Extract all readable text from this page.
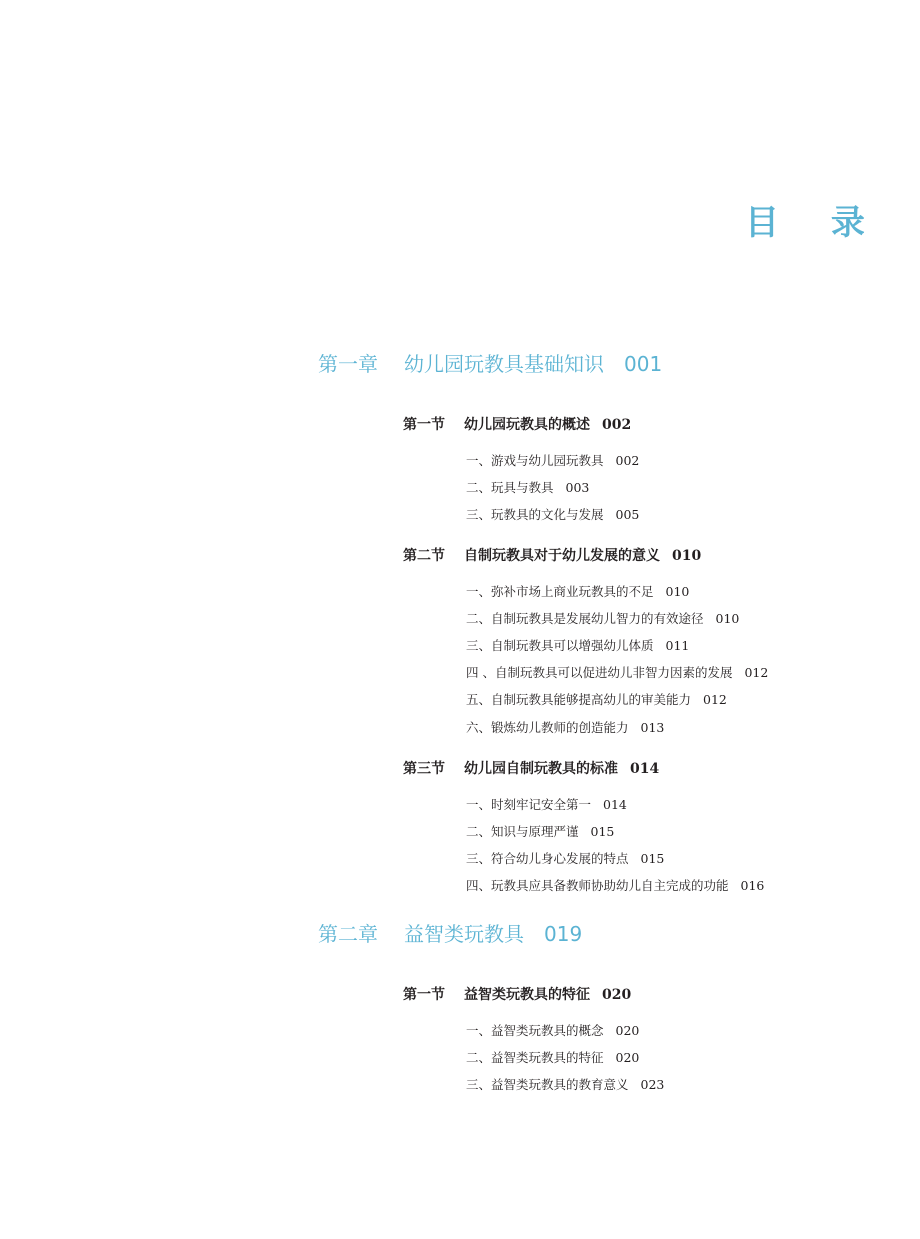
目 录
第一章 幼儿园玩教具基础知识 001
第一节 幼儿园玩教具的概述 002
一、游戏与幼儿园玩教具 002
二、玩具与教具 003
三、玩教具的文化与发展 005
第二节 自制玩教具对于幼儿发展的意义 010
一、弥补市场上商业玩教具的不足 010
二、自制玩教具是发展幼儿智力的有效途径 010
三、自制玩教具可以增强幼儿体质 011
四 、自制玩教具可以促进幼儿非智力因素的发展 012
五、自制玩教具能够提高幼儿的审美能力 012
六、锻炼幼儿教师的创造能力 013
第三节 幼儿园自制玩教具的标准 014
一、时刻牢记安全第一 014
二、知识与原理严谨 015
三、符合幼儿身心发展的特点 015
四、玩教具应具备教师协助幼儿自主完成的功能 016
第二章 益智类玩教具 019
第一节 益智类玩教具的特征 020
一、益智类玩教具的概念 020
二、益智类玩教具的特征 020
三、益智类玩教具的教育意义 023
